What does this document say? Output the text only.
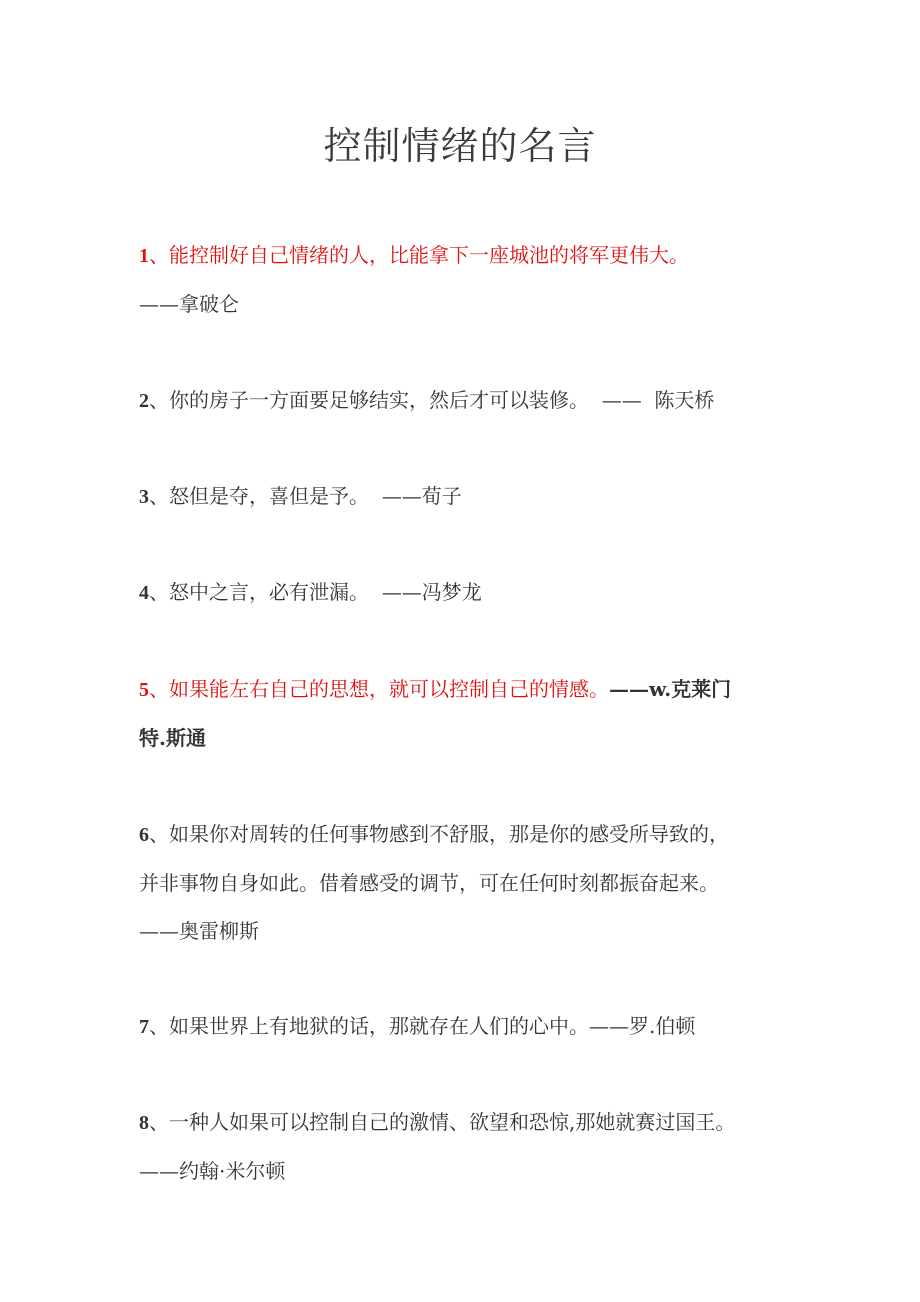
控制情绪的名言
1、能控制好自己情绪的人，比能拿下一座城池的将军更伟大。
——拿破仑
2、你的房子一方面要足够结实，然后才可以装修。  ——  陈天桥
3、怒但是夺，喜但是予。  ——荀子
4、怒中之言，必有泄漏。  ——冯梦龙
5、如果能左右自己的思想，就可以控制自己的情感。——w.克莱门
特.斯通
6、如果你对周转的任何事物感到不舒服，那是你的感受所导致的，
并非事物自身如此。借着感受的调节，可在任何时刻都振奋起来。
——奥雷柳斯
7、如果世界上有地狱的话，那就存在人们的心中。——罗.伯顿
8、一种人如果可以控制自己的激情、欲望和恐惊,那她就赛过国王。
——约翰·米尔顿
